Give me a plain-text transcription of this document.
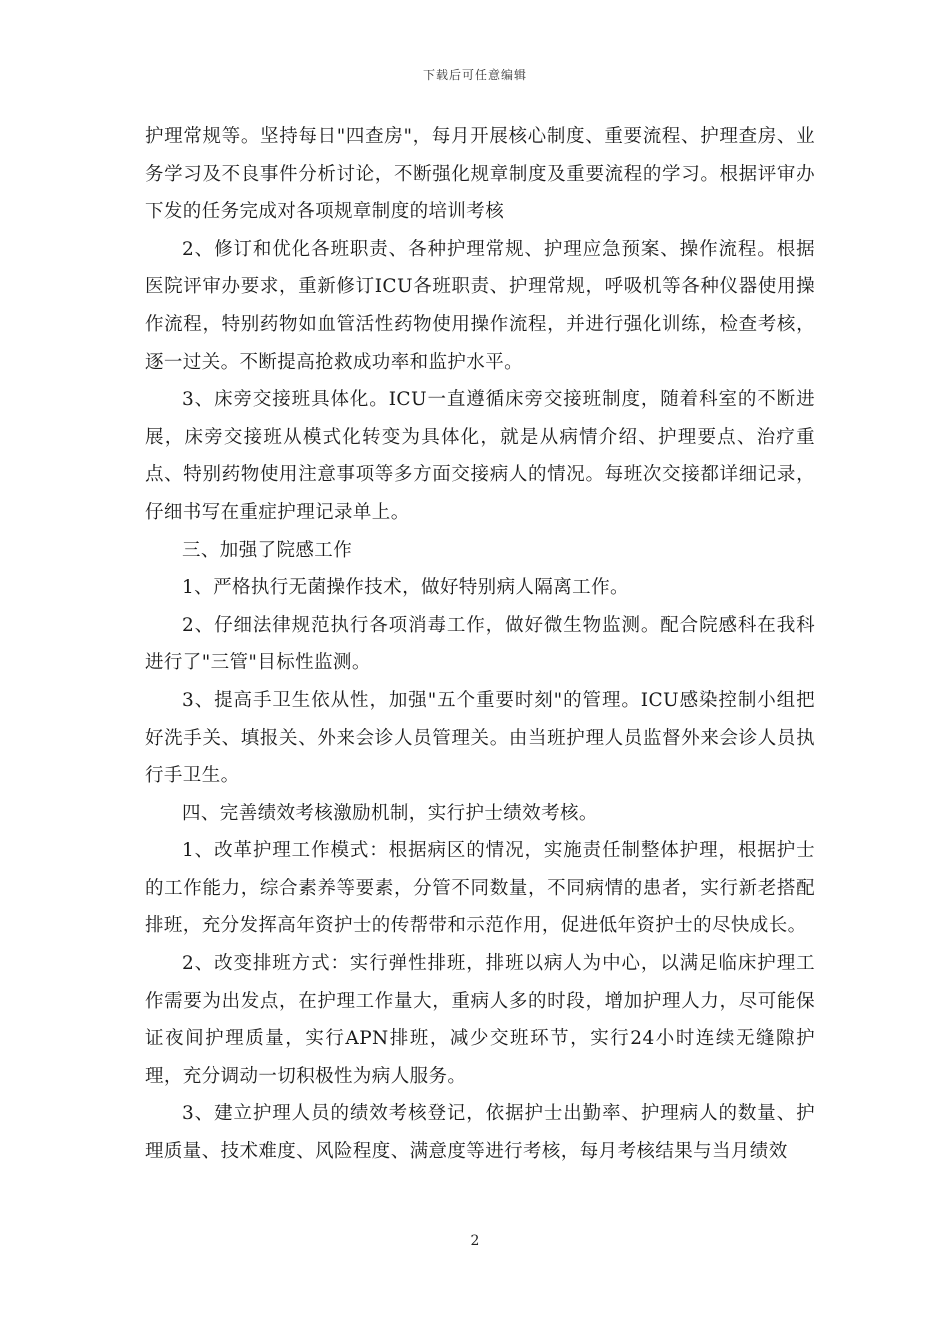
下载后可任意编辑

护理常规等。坚持每日"四查房"，每月开展核心制度、重要流程、护理查房、业务学习及不良事件分析讨论，不断强化规章制度及重要流程的学习。根据评审办下发的任务完成对各项规章制度的培训考核

2、修订和优化各班职责、各种护理常规、护理应急预案、操作流程。根据医院评审办要求，重新修订ICU各班职责、护理常规，呼吸机等各种仪器使用操作流程，特别药物如血管活性药物使用操作流程，并进行强化训练，检查考核，逐一过关。不断提高抢救成功率和监护水平。

3、床旁交接班具体化。ICU一直遵循床旁交接班制度，随着科室的不断进展，床旁交接班从模式化转变为具体化，就是从病情介绍、护理要点、治疗重点、特别药物使用注意事项等多方面交接病人的情况。每班次交接都详细记录，仔细书写在重症护理记录单上。

三、加强了院感工作

1、严格执行无菌操作技术，做好特别病人隔离工作。

2、仔细法律规范执行各项消毒工作，做好微生物监测。配合院感科在我科进行了"三管"目标性监测。

3、提高手卫生依从性，加强"五个重要时刻"的管理。ICU感染控制小组把好洗手关、填报关、外来会诊人员管理关。由当班护理人员监督外来会诊人员执行手卫生。

四、完善绩效考核激励机制，实行护士绩效考核。

1、改革护理工作模式：根据病区的情况，实施责任制整体护理，根据护士的工作能力，综合素养等要素，分管不同数量，不同病情的患者，实行新老搭配排班，充分发挥高年资护士的传帮带和示范作用，促进低年资护士的尽快成长。

2、改变排班方式：实行弹性排班，排班以病人为中心，以满足临床护理工作需要为出发点，在护理工作量大，重病人多的时段，增加护理人力，尽可能保证夜间护理质量，实行APN排班，减少交班环节，实行24小时连续无缝隙护理，充分调动一切积极性为病人服务。

3、建立护理人员的绩效考核登记，依据护士出勤率、护理病人的数量、护理质量、技术难度、风险程度、满意度等进行考核，每月考核结果与当月绩效

2
